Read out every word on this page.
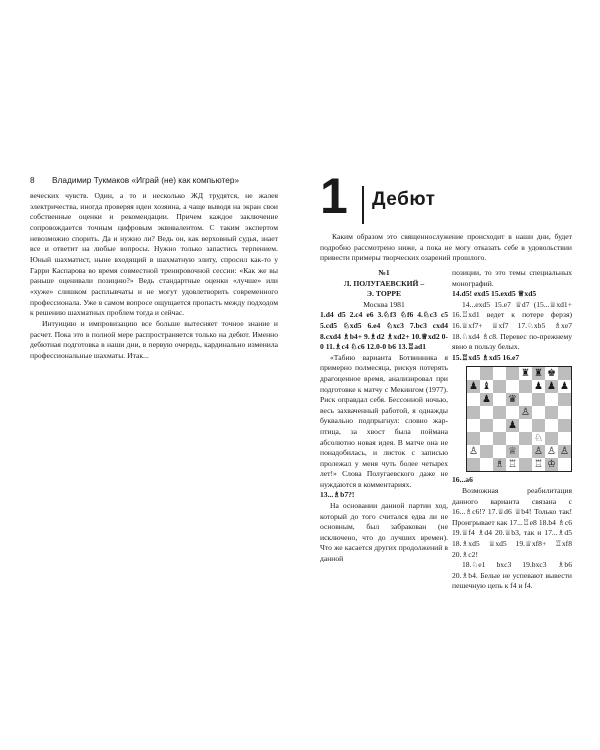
8 Владимир Тукмаков «Играй (не) как компьютер»

веческих чувств. Один, а то и несколько ЖД трудятся, не жалея электричества, иногда проверяя идеи хозяина, а чаще выводя на экран свои собственные оценки и рекомендации. Причем каждое заключение сопровождается точным цифровым эквивалентом. С таким экспертом невозможно спорить. Да и нужно ли? Ведь он, как верховный судья, знает все и ответит на любые вопросы. Нужно только запастись терпением. Юный шахматист, ныне входящий в шахматную элиту, спросил как-то у Гарри Каспарова во время совместной тренировочной сессии: «Как же вы раньше оценивали позицию?» Ведь стандартные оценки «лучше» или «хуже» слишком расплывчаты и не могут удовлетворить современного профессионала. Уже в самом вопросе ощущается пропасть между подходом к решению шахматных проблем тогда и сейчас.

Интуицию и импровизацию все больше вытесняет точное знание и расчет. Пока это в полной мере распространяется только на дебют. Именно дебютная подготовка в наши дни, в первую очередь, кардинально изменила профессиональные шахматы. Итак...

1 Дебют

Каким образом это священнослужение происходит в наши дни, будет подробно рассмотрено ниже, а пока не могу отказать себе в удовольствии привести примеры творческих озарений прошлого.

№1
Л. ПОЛУГАЕВСКИЙ –
Э. ТОРРЕ
Москва 1981

1.d4 d5 2.c4 e6 3.♘f3 ♘f6 4.♘c3 c5 5.cd5 ♘xd5 6.e4 ♘xc3 7.bc3 cxd4 8.cxd4 ♗b4+ 9.♗d2 ♗xd2+ 10.♕xd2 0-0 11.♗c4 ♘c6 12.0-0 b6 13.♖ad1

«Табию варианта Ботвинника я примерно полмесяца, рискуя потерять драгоценное время, анализировал при подготовке к матчу с Мекингом (1977). Риск оправдал себя. Бессонной ночью, весь захваченный работой, я однажды буквально подпрыгнул: словно жар-птица, за хвост была поймана абсолютно новая идея. В матче она не понадобилась, и листок с записью пролежал у меня чуть более четырех лет!» Слова Полугаевского даже не нуждаются в комментариях.

13...♗b7?!

На основании данной партии ход, который до того считался едва ли не основным, был забракован (не исключено, что до лучших времен). Что же касается других продолжений в данной

позиции, то это темы специальных монографий.

14.d5! exd5 15.exd5 ♕xd5

14...exd5 15.e7 ♕d7 (15...♕xd1+ 16.♖xd1 ведет к потере ферзя) 16.♕xf7+ ♕xf7 17.♘xb5 ♗xe7 18.♘xd4 ♗c8. Перевес по-прежнему явно в пользу белых.

15.♖xd5 ♗xd5 16.e7

♜ ♜ ♚
♟ ♝	♟ ♟ ♟
♟ ♛
♙
♟
♘
♙	♕ ♙ ♙ ♙
♗ ♖ ♖ ♔

16...a6

Возможная реабилитация данного варианта связана с 16...♗c6!? 17.♕d6 ♕b4! Только так! Проигрывает как 17...♖e8 18.b4 ♗c6 19.♕f4 ♗d4 20.♕b3, так и 17...♗d5 18.♗xd5 ♕xd5 19.♕xf8+ ♖xf8 20.♗c2!

18.♘e1 bxc3 19.bxc3 ♗b6 20.♗b4. Белые не успевают вывести пешечную цепь к f4 и f4.
